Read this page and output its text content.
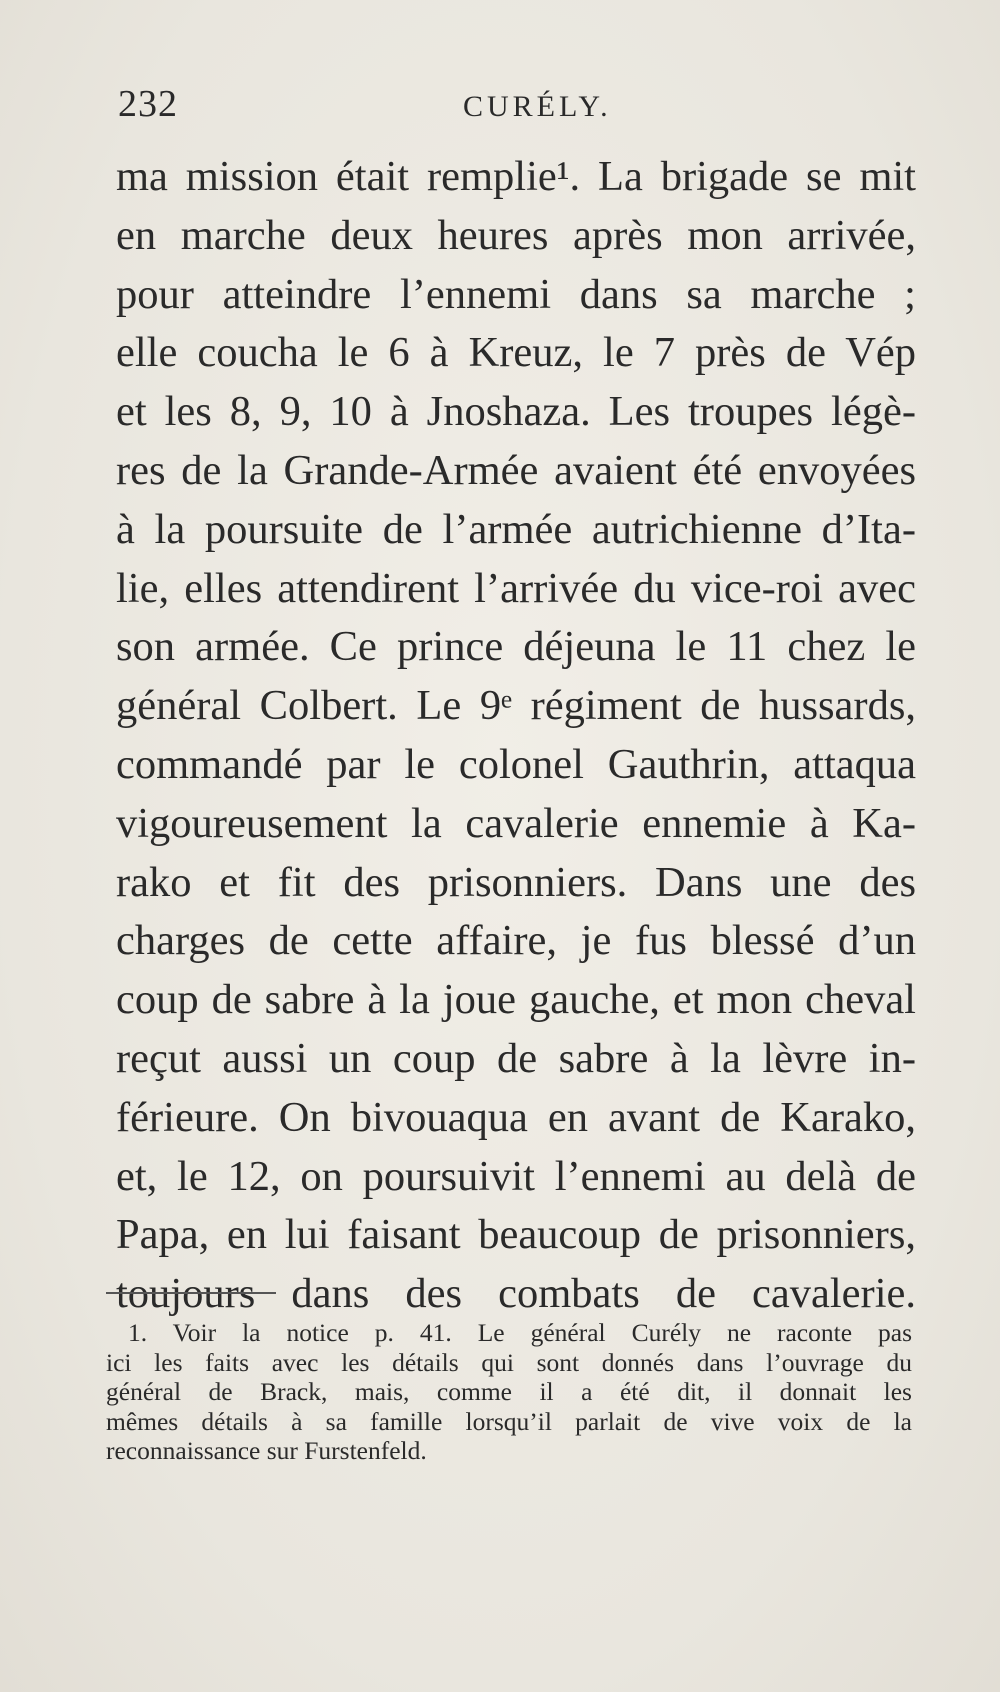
232	CURÉLY.
ma mission était remplie¹. La brigade se mit
en marche deux heures après mon arrivée,
pour atteindre l’ennemi dans sa marche ;
elle coucha le 6 à Kreuz, le 7 près de Vép
et les 8, 9, 10 à Jnoshaza. Les troupes légè-
res de la Grande-Armée avaient été envoyées
à la poursuite de l’armée autrichienne d’Ita-
lie, elles attendirent l’arrivée du vice-roi avec
son armée. Ce prince déjeuna le 11 chez le
général Colbert. Le 9ᵉ régiment de hussards,
commandé par le colonel Gauthrin, attaqua
vigoureusement la cavalerie ennemie à Ka-
rako et fit des prisonniers. Dans une des
charges de cette affaire, je fus blessé d’un
coup de sabre à la joue gauche, et mon cheval
reçut aussi un coup de sabre à la lèvre in-
férieure. On bivouaqua en avant de Karako,
et, le 12, on poursuivit l’ennemi au delà de
Papa, en lui faisant beaucoup de prisonniers,
toujours dans des combats de cavalerie.
1. Voir la notice p. 41. Le général Curély ne raconte pas
ici les faits avec les détails qui sont donnés dans l’ouvrage du
général de Brack, mais, comme il a été dit, il donnait les
mêmes détails à sa famille lorsqu’il parlait de vive voix de la
reconnaissance sur Furstenfeld.
